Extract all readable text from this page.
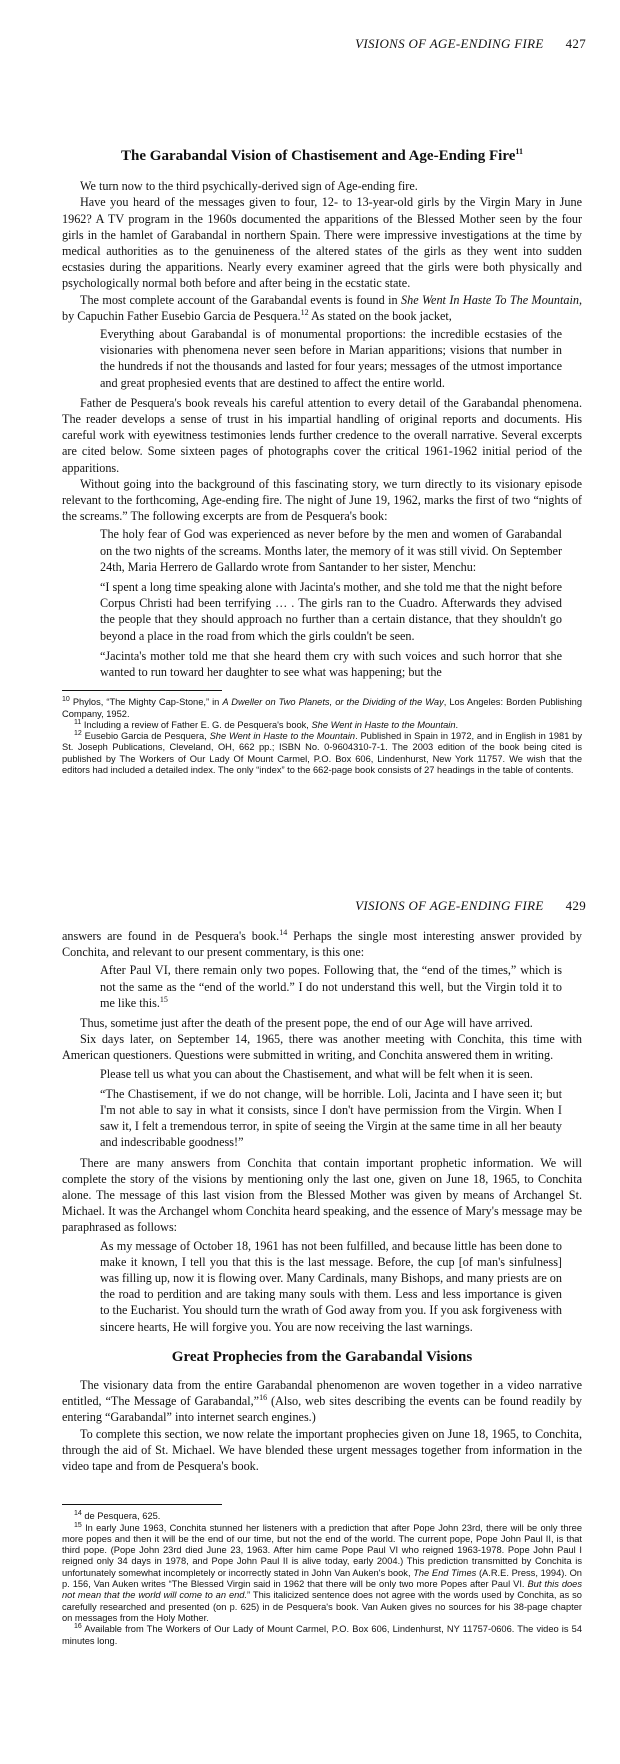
VISIONS OF AGE-ENDING FIRE 427
The Garabandal Vision of Chastisement and Age-Ending Fire$^{11}$

We turn now to the third psychically-derived sign of Age-ending fire.

Have you heard of the messages given to four, 12- to 13-year-old girls by the Virgin Mary in June 1962? A TV program in the 1960s documented the apparitions of the Blessed Mother seen by the four girls in the hamlet of Garabandal in northern Spain. There were impressive investigations at the time by medical authorities as to the genuineness of the altered states of the girls as they went into sudden ecstasies during the apparitions. Nearly every examiner agreed that the girls were both physically and psychologically normal both before and after being in the ecstatic state.

The most complete account of the Garabandal events is found in She Went In Haste To The Mountain, by Capuchin Father Eusebio Garcia de Pesquera.$^{12}$ As stated on the book jacket,

Everything about Garabandal is of monumental proportions: the incredible ecstasies of the visionaries with phenomena never seen before in Marian apparitions; visions that number in the hundreds if not the thousands and lasted for four years; messages of the utmost importance and great prophesied events that are destined to affect the entire world.

Father de Pesquera's book reveals his careful attention to every detail of the Garabandal phenomena. The reader develops a sense of trust in his impartial handling of original reports and documents. His careful work with eyewitness testimonies lends further credence to the overall narrative. Several excerpts are cited below. Some sixteen pages of photographs cover the critical 1961-1962 initial period of the apparitions.

Without going into the background of this fascinating story, we turn directly to its visionary episode relevant to the forthcoming, Age-ending fire. The night of June 19, 1962, marks the first of two “nights of the screams.” The following excerpts are from de Pesquera's book:

The holy fear of God was experienced as never before by the men and women of Garabandal on the two nights of the screams. Months later, the memory of it was still vivid. On September 24th, Maria Herrero de Gallardo wrote from Santander to her sister, Menchu:

“I spent a long time speaking alone with Jacinta's mother, and she told me that the night before Corpus Christi had been terrifying … . The girls ran to the Cuadro. Afterwards they advised the people that they should approach no further than a certain distance, that they shouldn't go beyond a place in the road from which the girls couldn't be seen.

“Jacinta's mother told me that she heard them cry with such voices and such horror that she wanted to run toward her daughter to see what was happening; but the

$^{10}$ Phylos, “The Mighty Cap-Stone,” in A Dweller on Two Planets, or the Dividing of the Way, Los Angeles: Borden Publishing Company, 1952.

$^{11}$ Including a review of Father E. G. de Pesquera's book, She Went in Haste to the Mountain.

$^{12}$ Eusebio Garcia de Pesquera, She Went in Haste to the Mountain. Published in Spain in 1972, and in English in 1981 by St. Joseph Publications, Cleveland, OH, 662 pp.; ISBN No. 0-9604310-7-1. The 2003 edition of the book being cited is published by The Workers of Our Lady Of Mount Carmel, P.O. Box 606, Lindenhurst, New York 11757. We wish that the editors had included a detailed index. The only “index” to the 662-page book consists of 27 headings in the table of contents.

VISIONS OF AGE-ENDING FIRE 429

answers are found in de Pesquera's book.$^{14}$ Perhaps the single most interesting answer provided by Conchita, and relevant to our present commentary, is this one:

After Paul VI, there remain only two popes. Following that, the “end of the times,” which is not the same as the “end of the world.” I do not understand this well, but the Virgin told it to me like this.$^{15}$

Thus, sometime just after the death of the present pope, the end of our Age will have arrived.

Six days later, on September 14, 1965, there was another meeting with Conchita, this time with American questioners. Questions were submitted in writing, and Conchita answered them in writing.

Please tell us what you can about the Chastisement, and what will be felt when it is seen.

“The Chastisement, if we do not change, will be horrible. Loli, Jacinta and I have seen it; but I'm not able to say in what it consists, since I don't have permission from the Virgin. When I saw it, I felt a tremendous terror, in spite of seeing the Virgin at the same time in all her beauty and indescribable goodness!”

There are many answers from Conchita that contain important prophetic information. We will complete the story of the visions by mentioning only the last one, given on June 18, 1965, to Conchita alone. The message of this last vision from the Blessed Mother was given by means of Archangel St. Michael. It was the Archangel whom Conchita heard speaking, and the essence of Mary's message may be paraphrased as follows:

As my message of October 18, 1961 has not been fulfilled, and because little has been done to make it known, I tell you that this is the last message. Before, the cup [of man's sinfulness] was filling up, now it is flowing over. Many Cardinals, many Bishops, and many priests are on the road to perdition and are taking many souls with them. Less and less importance is given to the Eucharist. You should turn the wrath of God away from you. If you ask forgiveness with sincere hearts, He will forgive you. You are now receiving the last warnings.

Great Prophecies from the Garabandal Visions

The visionary data from the entire Garabandal phenomenon are woven together in a video narrative entitled, “The Message of Garabandal,”$^{16}$ (Also, web sites describing the events can be found readily by entering “Garabandal” into internet search engines.)

To complete this section, we now relate the important prophecies given on June 18, 1965, to Conchita, through the aid of St. Michael. We have blended these urgent messages together from information in the video tape and from de Pesquera's book.

$^{14}$ de Pesquera, 625.

$^{15}$ In early June 1963, Conchita stunned her listeners with a prediction that after Pope John 23rd, there will be only three more popes and then it will be the end of our time, but not the end of the world. The current pope, Pope John Paul II, is that third pope. (Pope John 23rd died June 23, 1963. After him came Pope Paul VI who reigned 1963-1978. Pope John Paul I reigned only 34 days in 1978, and Pope John Paul II is alive today, early 2004.) This prediction transmitted by Conchita is unfortunately somewhat incompletely or incorrectly stated in John Van Auken's book, The End Times (A.R.E. Press, 1994). On p. 156, Van Auken writes “The Blessed Virgin said in 1962 that there will be only two more Popes after Paul VI. But this does not mean that the world will come to an end.” This italicized sentence does not agree with the words used by Conchita, as so carefully researched and presented (on p. 625) in de Pesquera's book. Van Auken gives no sources for his 38-page chapter on messages from the Holy Mother.

$^{16}$ Available from The Workers of Our Lady of Mount Carmel, P.O. Box 606, Lindenhurst, NY 11757-0606. The video is 54 minutes long.
